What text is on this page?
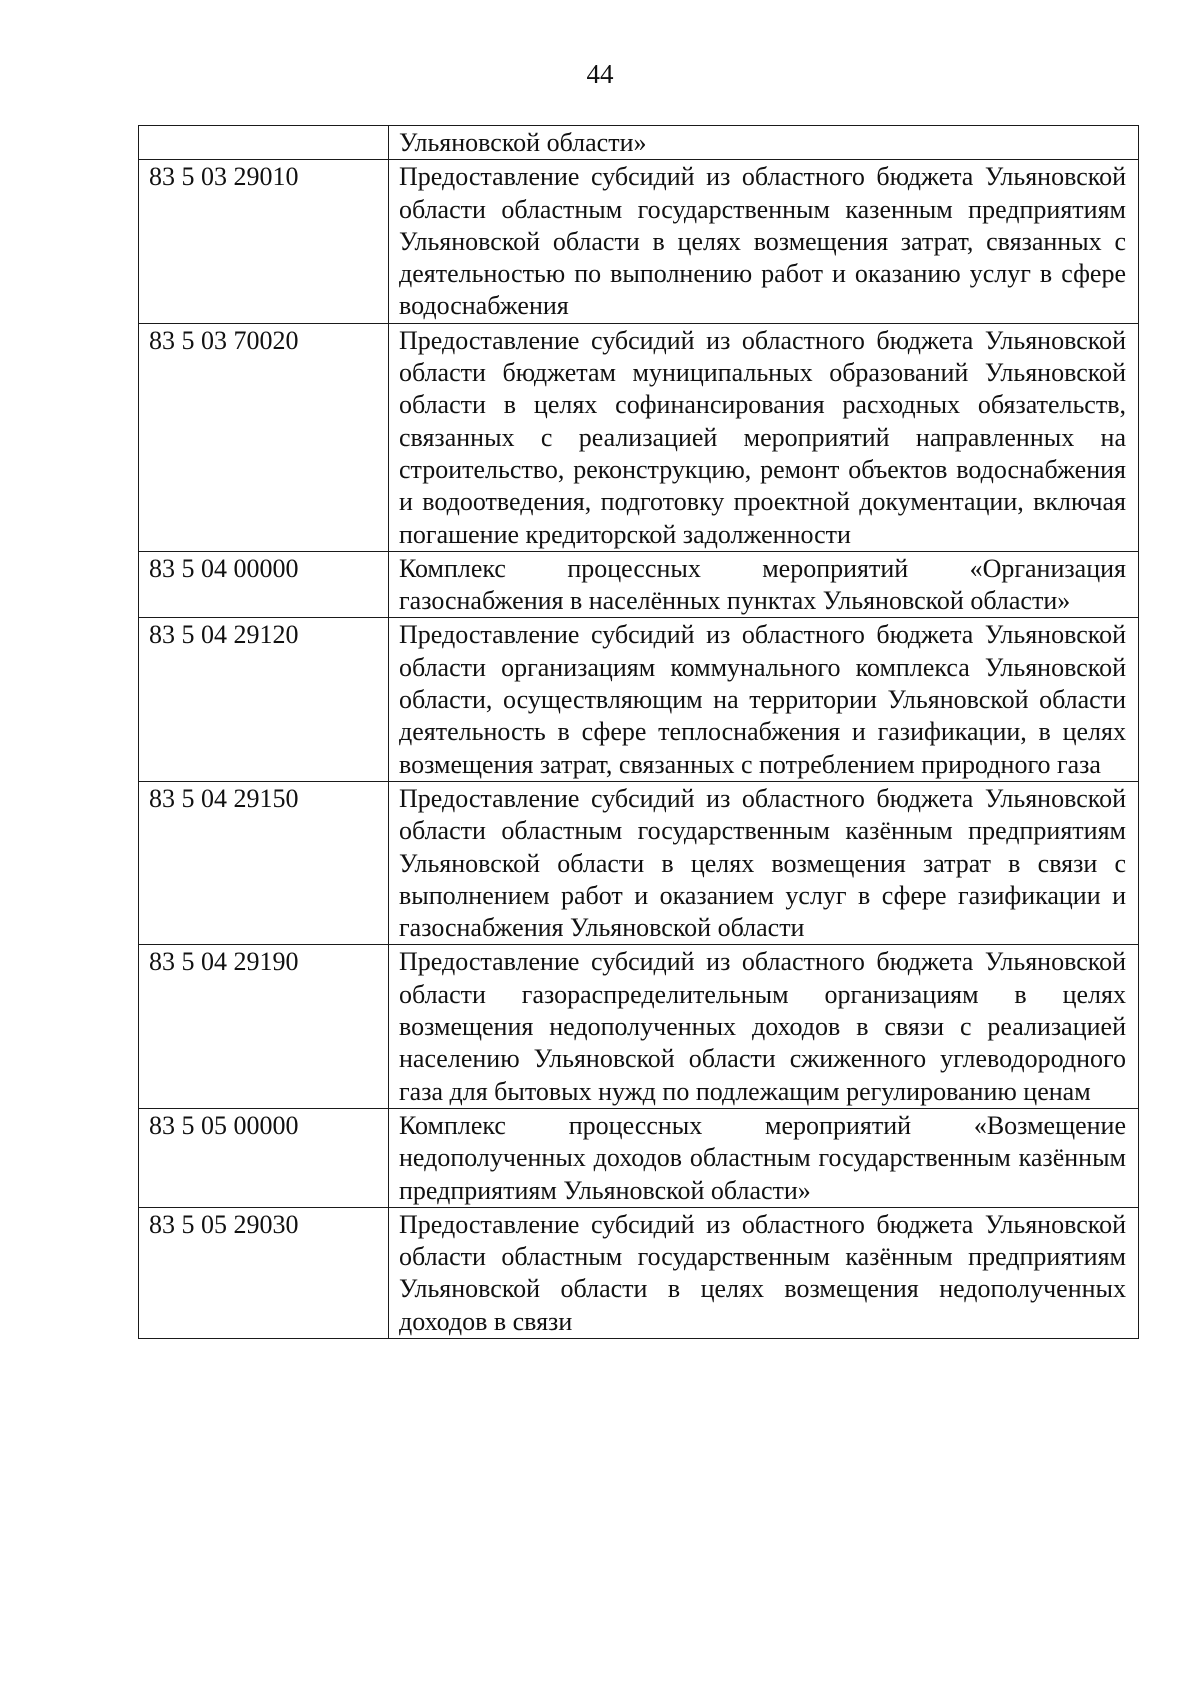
44
	Ульяновской области»
83 5 03 29010	Предоставление субсидий из областного бюджета Ульяновской области областным государственным казенным предприятиям Ульяновской области в целях возмещения затрат, связанных с деятельностью по выполнению работ и оказанию услуг в сфере водоснабжения
83 5 03 70020	Предоставление субсидий из областного бюджета Ульяновской области бюджетам муниципальных образований Ульяновской области в целях софинансирования расходных обязательств, связанных с реализацией мероприятий направленных на строительство, реконструкцию, ремонт объектов водоснабжения и водоотведения, подготовку проектной документации, включая погашение кредиторской задолженности
83 5 04 00000	Комплекс процессных мероприятий «Организация газоснабжения в населённых пунктах Ульяновской области»
83 5 04 29120	Предоставление субсидий из областного бюджета Ульяновской области организациям коммунального комплекса Ульяновской области, осуществляющим на территории Ульяновской области деятельность в сфере теплоснабжения и газификации, в целях возмещения затрат, связанных с потреблением природного газа
83 5 04 29150	Предоставление субсидий из областного бюджета Ульяновской области областным государственным казённым предприятиям Ульяновской области в целях возмещения затрат в связи с выполнением работ и оказанием услуг в сфере газификации и газоснабжения Ульяновской области
83 5 04 29190	Предоставление субсидий из областного бюджета Ульяновской области газораспределительным организациям в целях возмещения недополученных доходов в связи с реализацией населению Ульяновской области сжиженного углеводородного газа для бытовых нужд по подлежащим регулированию ценам
83 5 05 00000	Комплекс процессных мероприятий «Возмещение недополученных доходов областным государственным казённым предприятиям Ульяновской области»
83 5 05 29030	Предоставление субсидий из областного бюджета Ульяновской области областным государственным казённым предприятиям Ульяновской области в целях возмещения недополученных доходов в связи
